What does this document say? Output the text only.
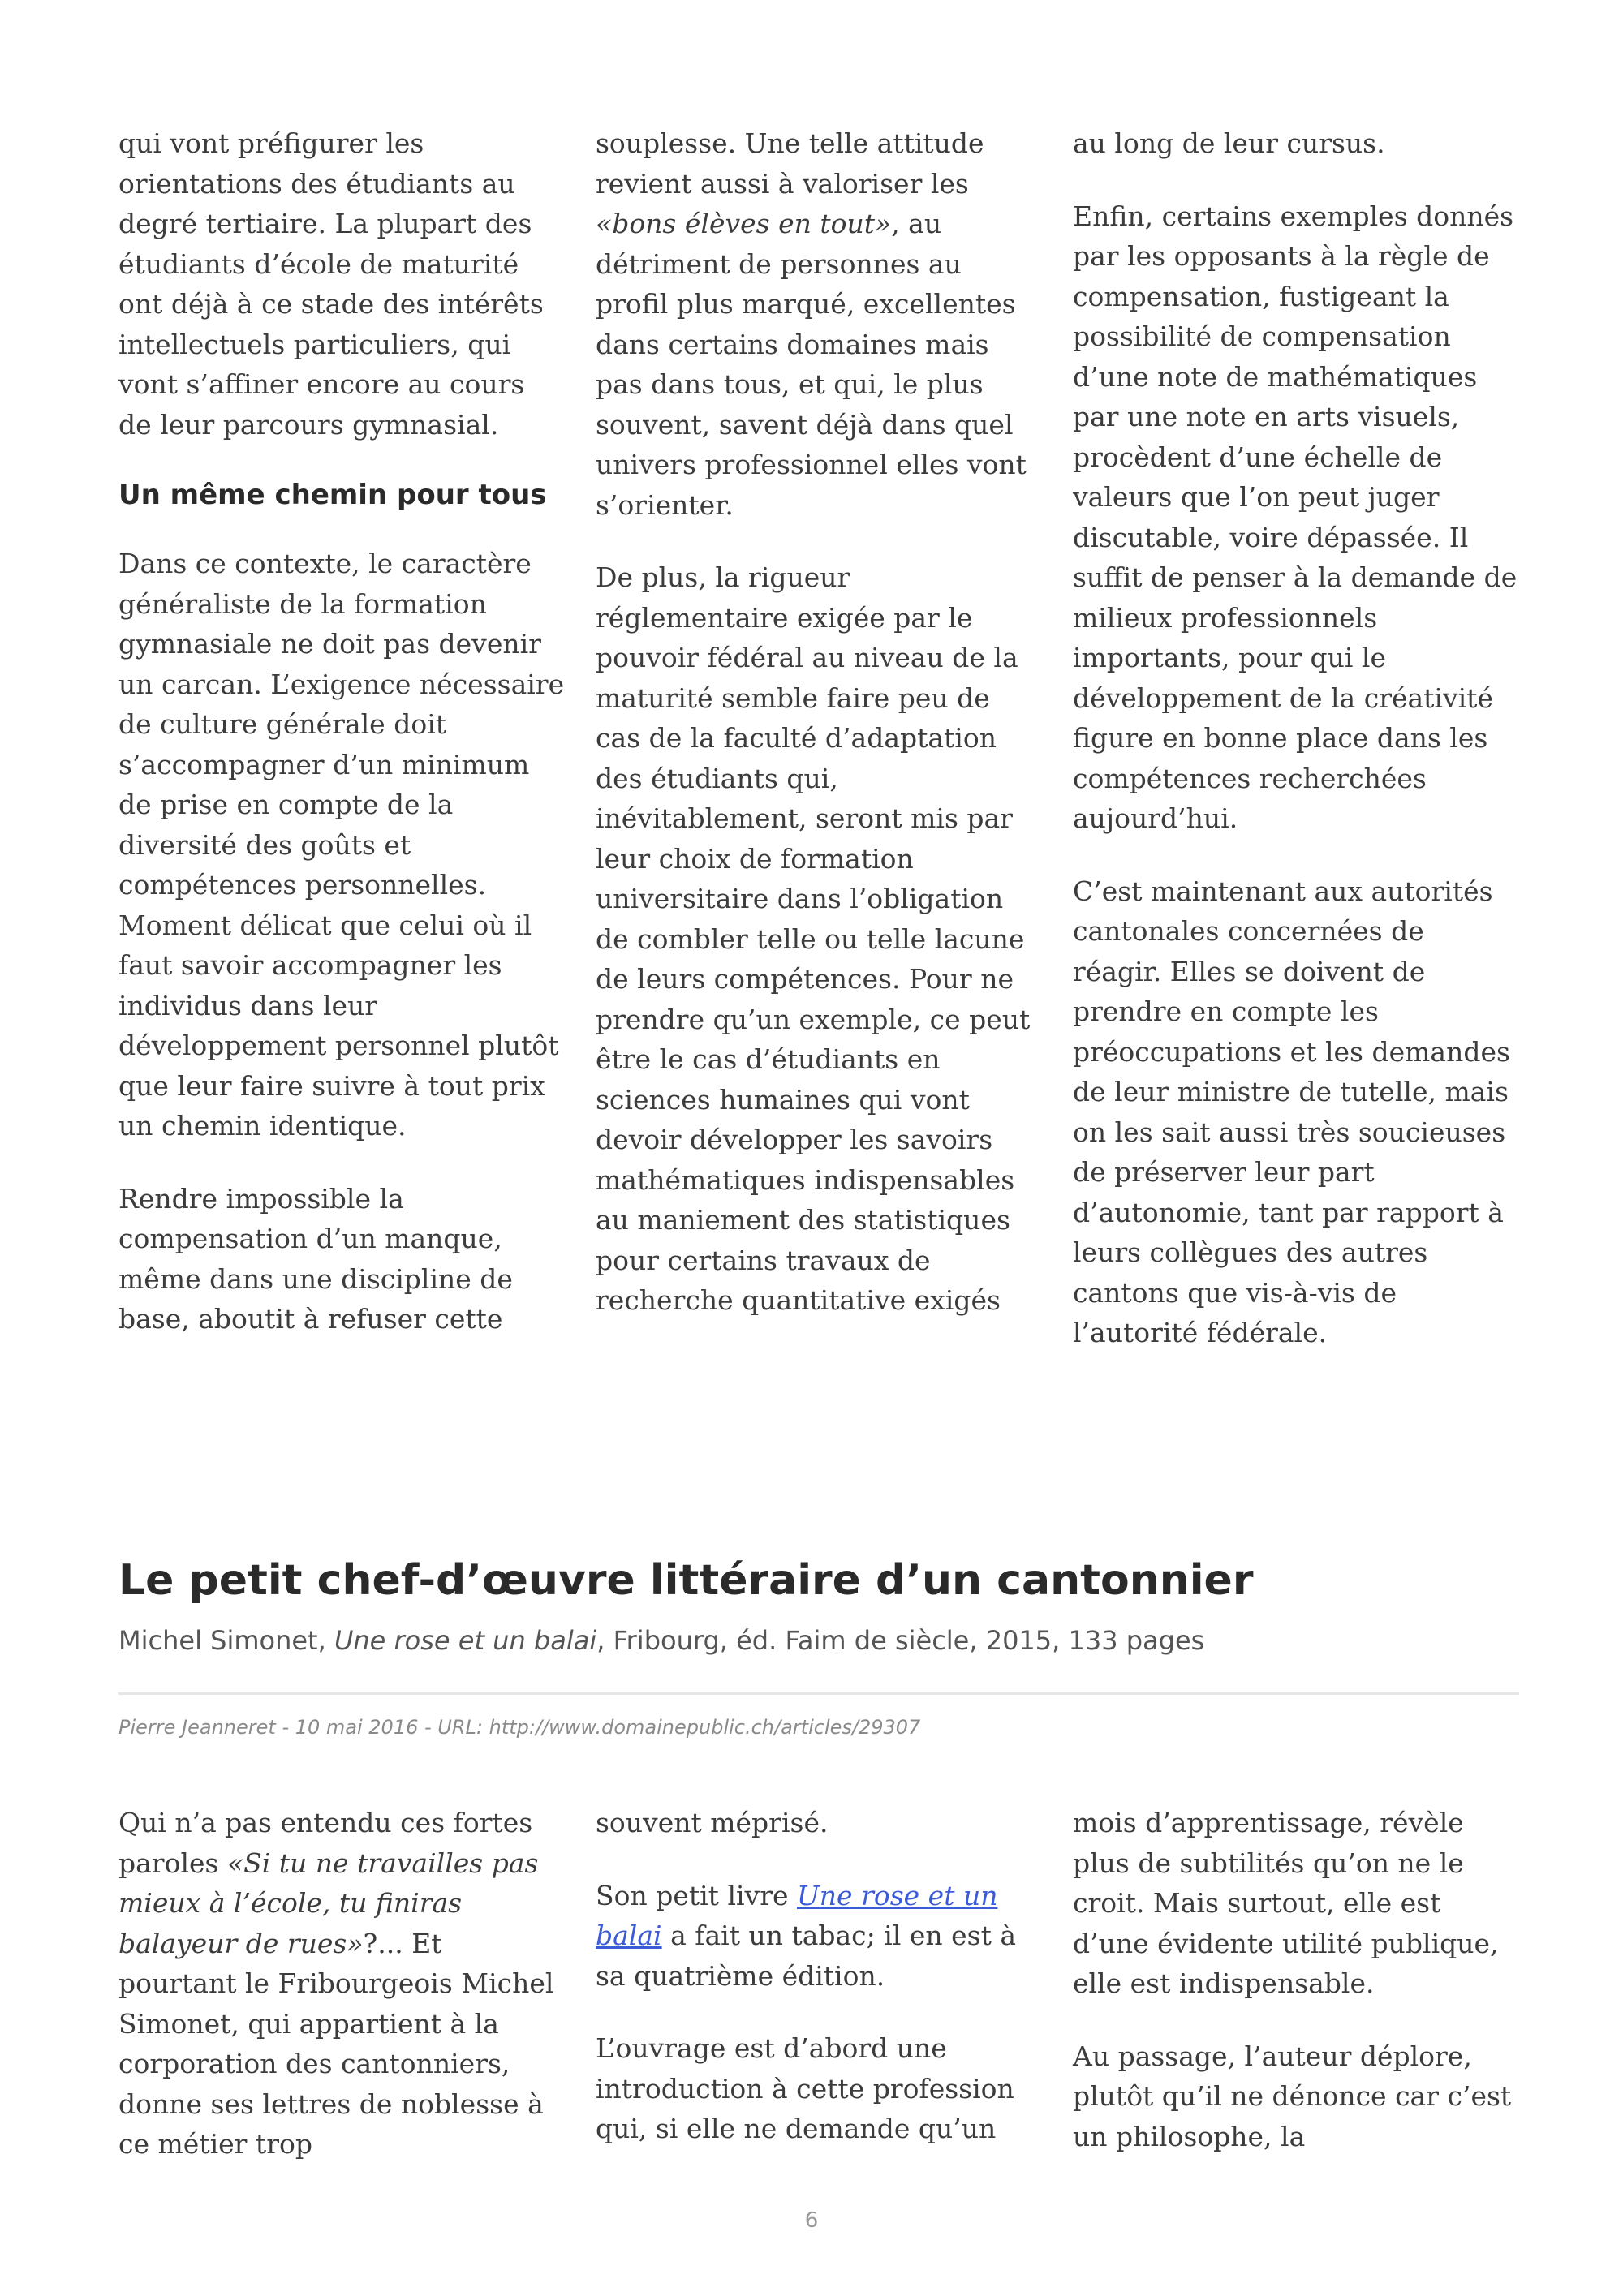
qui vont préfigurer les orientations des étudiants au degré tertiaire. La plupart des étudiants d’école de maturité ont déjà à ce stade des intérêts intellectuels particuliers, qui vont s’affiner encore au cours de leur parcours gymnasial.

Un même chemin pour tous

Dans ce contexte, le caractère généraliste de la formation gymnasiale ne doit pas devenir un carcan. L’exigence nécessaire de culture générale doit s’accompagner d’un minimum de prise en compte de la diversité des goûts et compétences personnelles. Moment délicat que celui où il faut savoir accompagner les individus dans leur développement personnel plutôt que leur faire suivre à tout prix un chemin identique.

Rendre impossible la compensation d’un manque, même dans une discipline de base, aboutit à refuser cette

souplesse. Une telle attitude revient aussi à valoriser les «bons élèves en tout», au détriment de personnes au profil plus marqué, excellentes dans certains domaines mais pas dans tous, et qui, le plus souvent, savent déjà dans quel univers professionnel elles vont s’orienter.

De plus, la rigueur réglementaire exigée par le pouvoir fédéral au niveau de la maturité semble faire peu de cas de la faculté d’adaptation des étudiants qui, inévitablement, seront mis par leur choix de formation universitaire dans l’obligation de combler telle ou telle lacune de leurs compétences. Pour ne prendre qu’un exemple, ce peut être le cas d’étudiants en sciences humaines qui vont devoir développer les savoirs mathématiques indispensables au maniement des statistiques pour certains travaux de recherche quantitative exigés

au long de leur cursus.

Enfin, certains exemples donnés par les opposants à la règle de compensation, fustigeant la possibilité de compensation d’une note de mathématiques par une note en arts visuels, procèdent d’une échelle de valeurs que l’on peut juger discutable, voire dépassée. Il suffit de penser à la demande de milieux professionnels importants, pour qui le développement de la créativité figure en bonne place dans les compétences recherchées aujourd’hui.

C’est maintenant aux autorités cantonales concernées de réagir. Elles se doivent de prendre en compte les préoccupations et les demandes de leur ministre de tutelle, mais on les sait aussi très soucieuses de préserver leur part d’autonomie, tant par rapport à leurs collègues des autres cantons que vis-à-vis de l’autorité fédérale.

Le petit chef-d’œuvre littéraire d’un cantonnier
Michel Simonet, Une rose et un balai, Fribourg, éd. Faim de siècle, 2015, 133 pages
Pierre Jeanneret - 10 mai 2016 - URL: http://www.domainepublic.ch/articles/29307

Qui n’a pas entendu ces fortes paroles «Si tu ne travailles pas mieux à l’école, tu finiras balayeur de rues»?... Et pourtant le Fribourgeois Michel Simonet, qui appartient à la corporation des cantonniers, donne ses lettres de noblesse à ce métier trop

souvent méprisé.

Son petit livre Une rose et un balai a fait un tabac; il en est à sa quatrième édition.

L’ouvrage est d’abord une introduction à cette profession qui, si elle ne demande qu’un

mois d’apprentissage, révèle plus de subtilités qu’on ne le croit. Mais surtout, elle est d’une évidente utilité publique, elle est indispensable.

Au passage, l’auteur déplore, plutôt qu’il ne dénonce car c’est un philosophe, la

6
